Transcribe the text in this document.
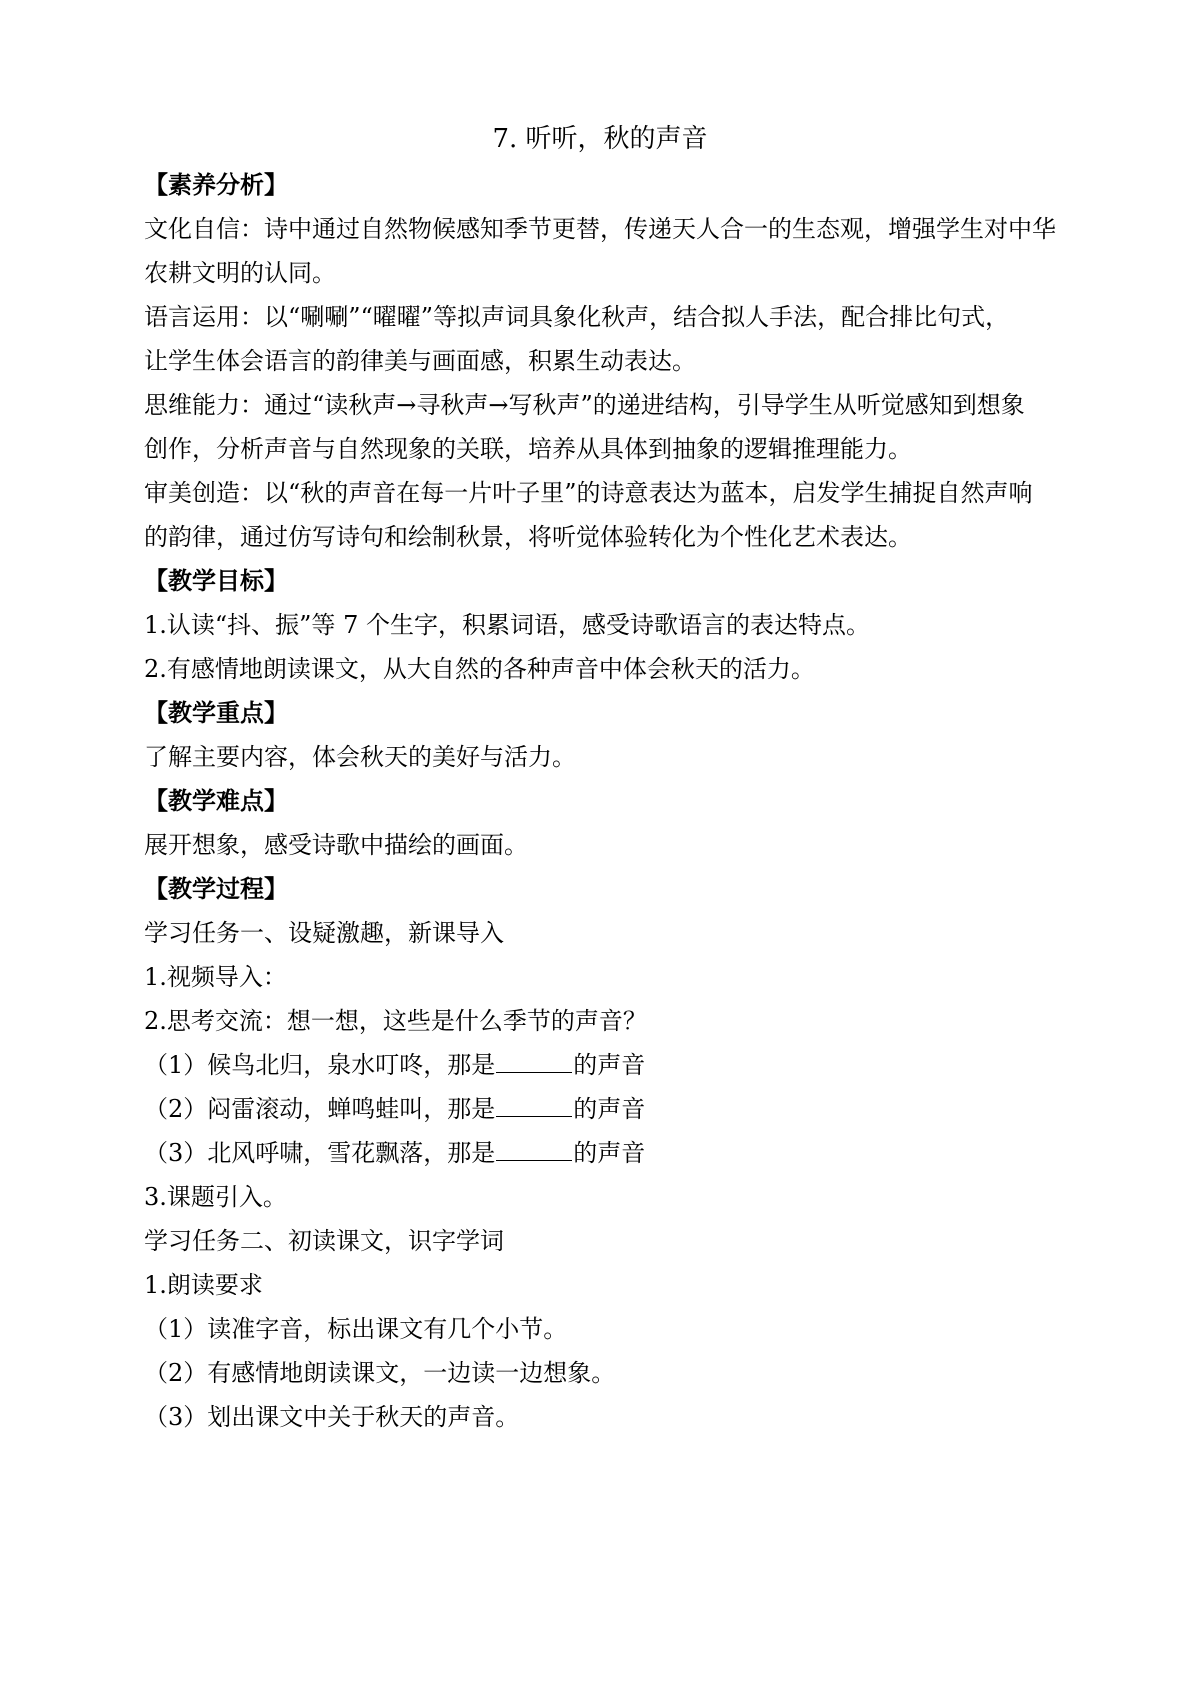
7. 听听，秋的声音
【素养分析】
文化自信：诗中通过自然物候感知季节更替，传递天人合一的生态观，增强学生对中华
农耕文明的认同。
语言运用：以“唰唰”“曜曜”等拟声词具象化秋声，结合拟人手法，配合排比句式，
让学生体会语言的韵律美与画面感，积累生动表达。
思维能力：通过“读秋声→寻秋声→写秋声”的递进结构，引导学生从听觉感知到想象
创作，分析声音与自然现象的关联，培养从具体到抽象的逻辑推理能力。
审美创造：以“秋的声音在每一片叶子里”的诗意表达为蓝本，启发学生捕捉自然声响
的韵律，通过仿写诗句和绘制秋景，将听觉体验转化为个性化艺术表达。
【教学目标】
1.认读“抖、振”等 7 个生字，积累词语，感受诗歌语言的表达特点。
2.有感情地朗读课文，从大自然的各种声音中体会秋天的活力。
【教学重点】
了解主要内容，体会秋天的美好与活力。
【教学难点】
展开想象，感受诗歌中描绘的画面。
【教学过程】
学习任务一、设疑激趣，新课导入
1.视频导入：
2.思考交流：想一想，这些是什么季节的声音？
（1）候鸟北归，泉水叮咚，那是	的声音
（2）闷雷滚动，蝉鸣蛙叫，那是	的声音
（3）北风呼啸，雪花飘落，那是	的声音
3.课题引入。
学习任务二、初读课文，识字学词
1.朗读要求
（1）读准字音，标出课文有几个小节。
（2）有感情地朗读课文，一边读一边想象。
（3）划出课文中关于秋天的声音。
